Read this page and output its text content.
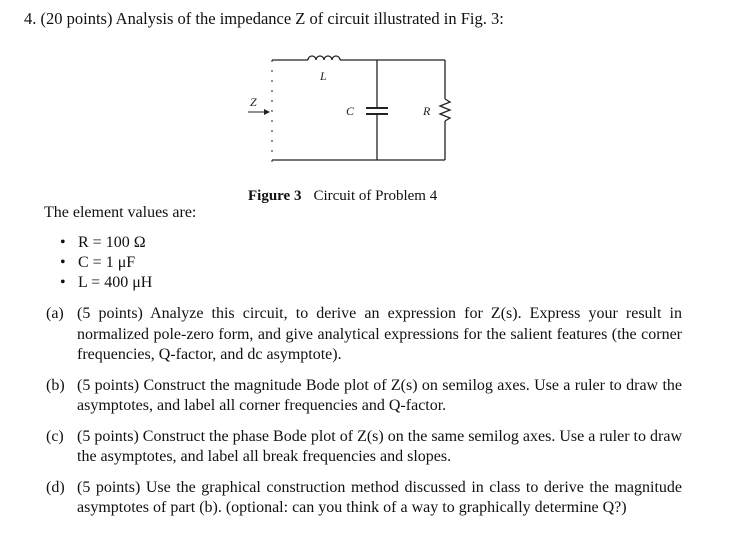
4. (20 points) Analysis of the impedance Z of circuit illustrated in Fig. 3:
Z
L
C	R
Figure 3 Circuit of Problem 4
The element values are:
• R = 100 Ω
• C = 1 μF
• L = 400 μH
(a) (5 points) Analyze this circuit, to derive an expression for Z(s). Express your result in normalized pole-zero form, and give analytical expressions for the salient features (the corner frequencies, Q-factor, and dc asymptote).
(b) (5 points) Construct the magnitude Bode plot of Z(s) on semilog axes. Use a ruler to draw the asymptotes, and label all corner frequencies and Q-factor.
(c) (5 points) Construct the phase Bode plot of Z(s) on the same semilog axes. Use a ruler to draw the asymptotes, and label all break frequencies and slopes.
(d) (5 points) Use the graphical construction method discussed in class to derive the magnitude asymptotes of part (b). (optional: can you think of a way to graphically determine Q?)
